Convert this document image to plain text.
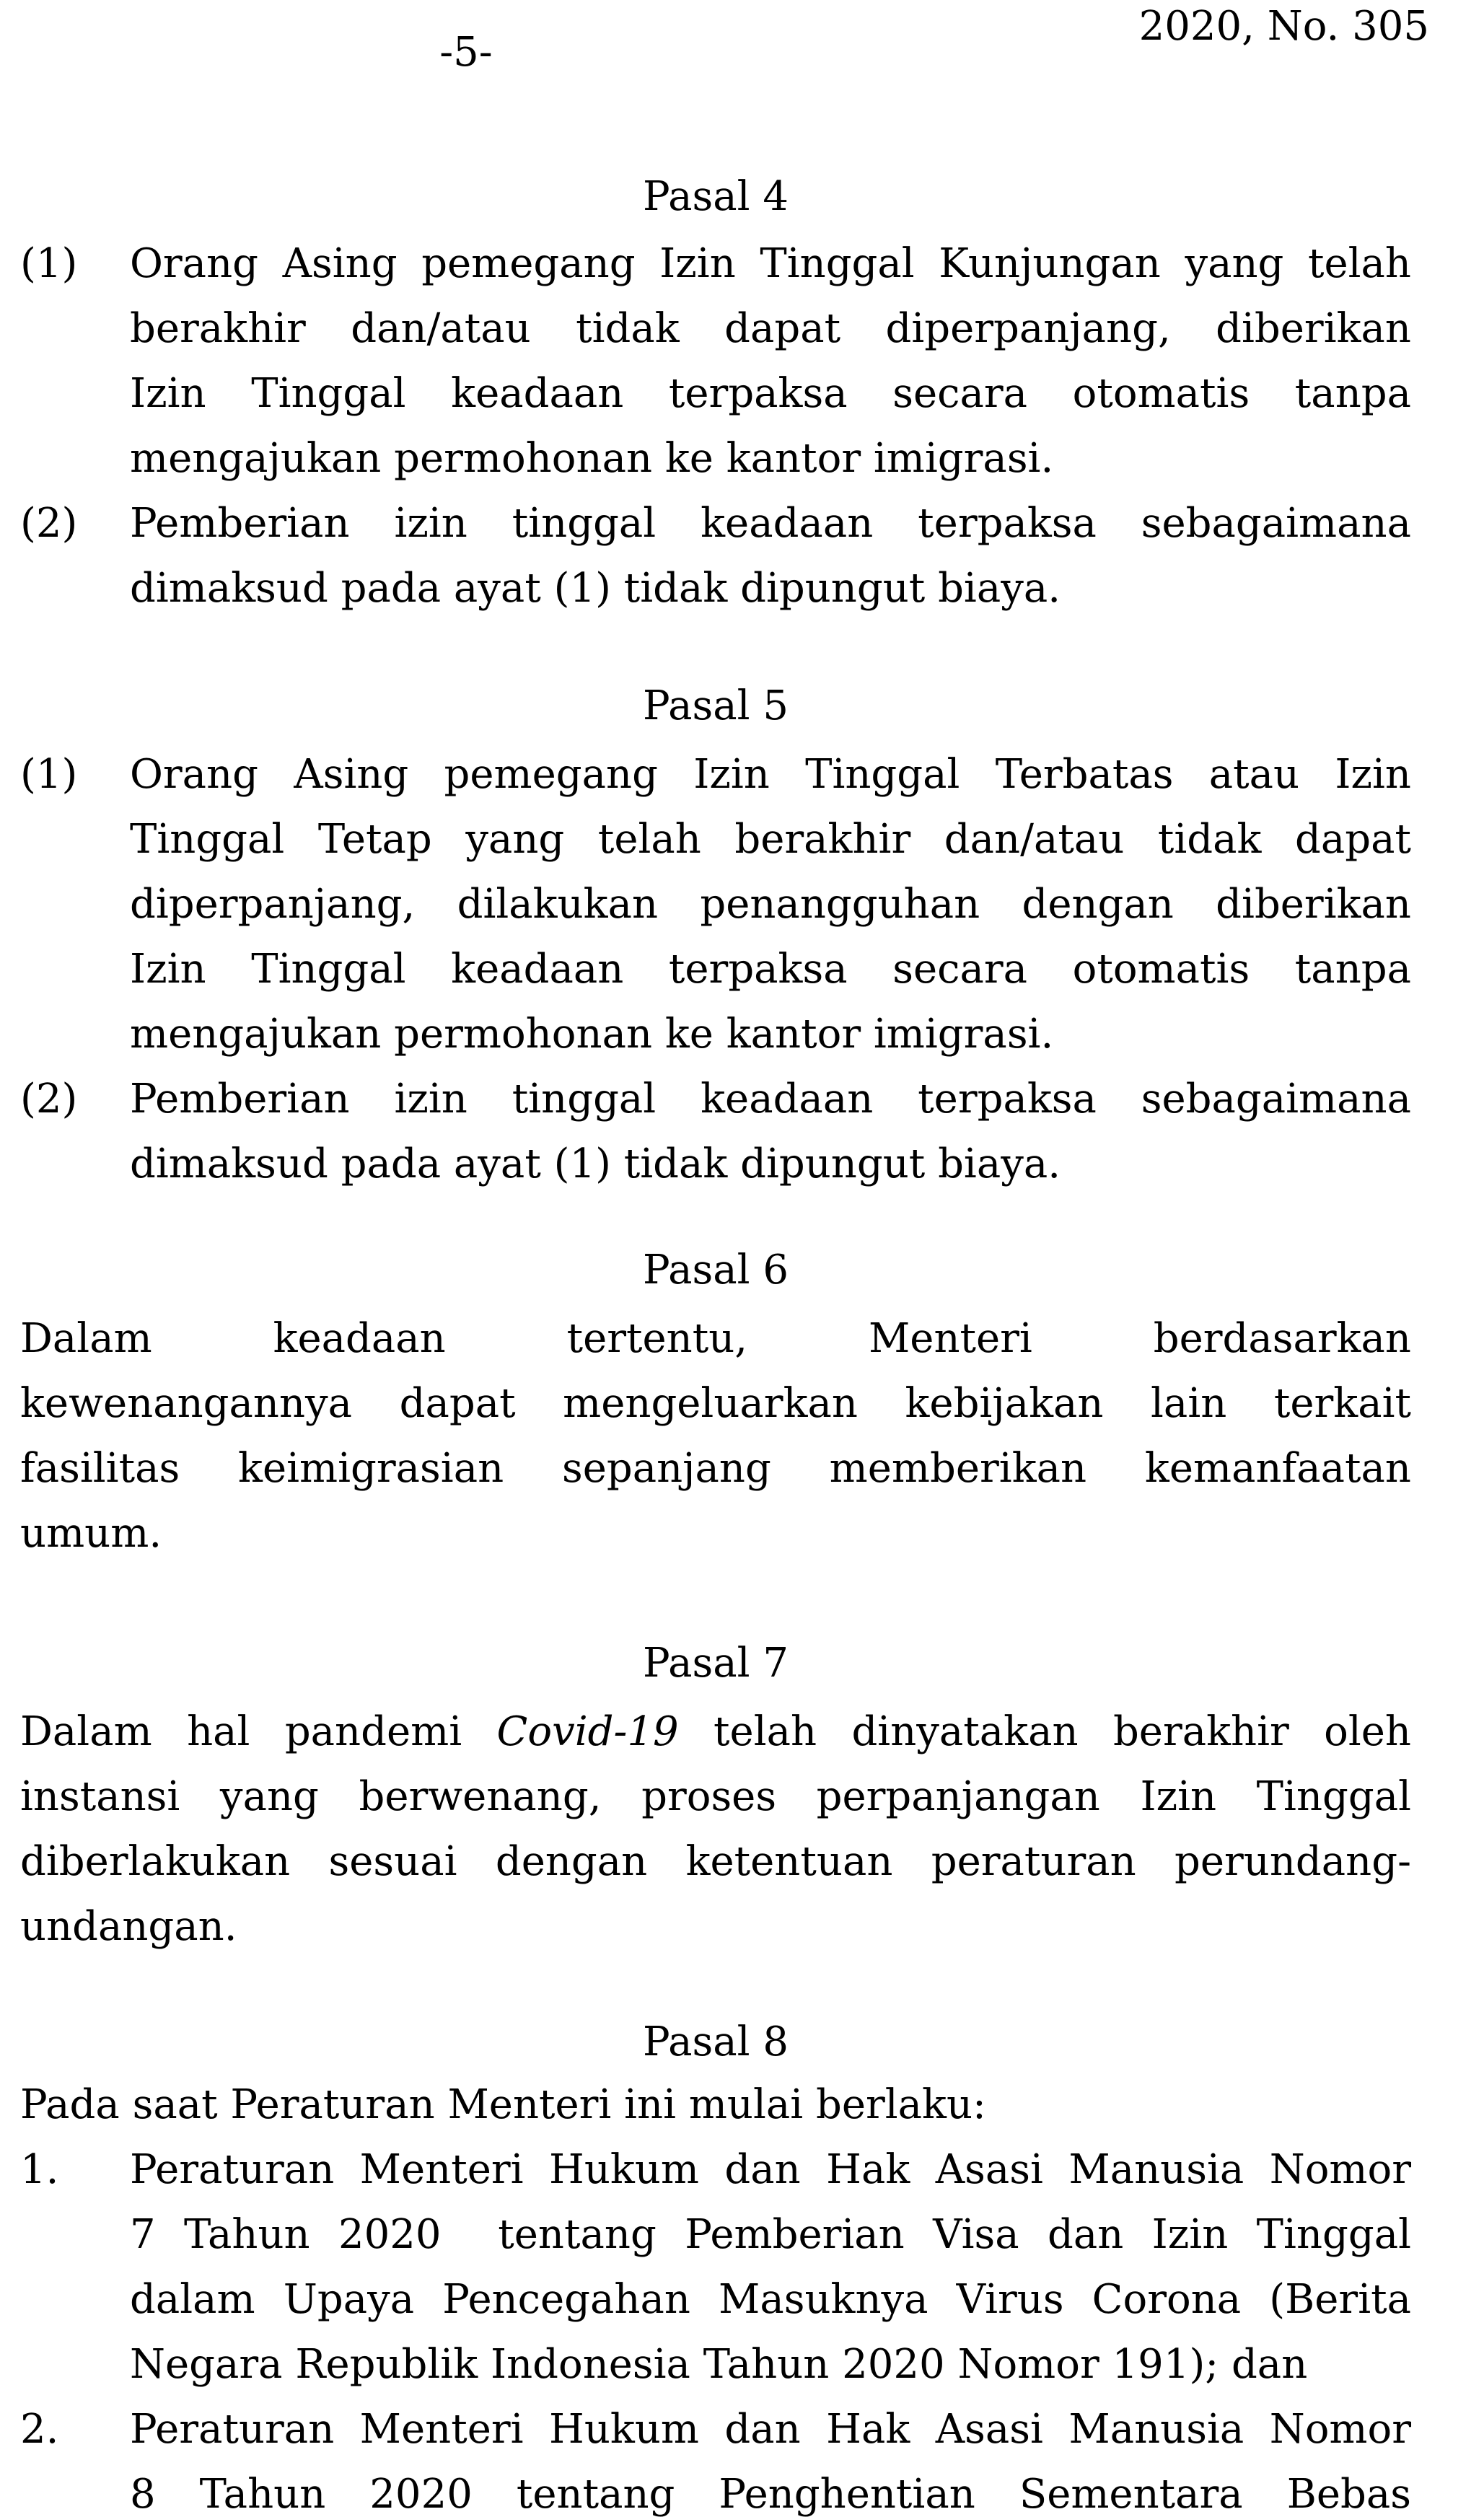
2020, No. 305
-5-
Pasal 4
(1) Orang Asing pemegang Izin Tinggal Kunjungan yang telah
berakhir dan/atau tidak dapat diperpanjang, diberikan
Izin Tinggal keadaan terpaksa secara otomatis tanpa
mengajukan permohonan ke kantor imigrasi.
(2) Pemberian izin tinggal keadaan terpaksa sebagaimana
dimaksud pada ayat (1) tidak dipungut biaya.
Pasal 5
(1) Orang Asing pemegang Izin Tinggal Terbatas atau Izin
Tinggal Tetap yang telah berakhir dan/atau tidak dapat
diperpanjang, dilakukan penangguhan dengan diberikan
Izin Tinggal keadaan terpaksa secara otomatis tanpa
mengajukan permohonan ke kantor imigrasi.
(2) Pemberian izin tinggal keadaan terpaksa sebagaimana
dimaksud pada ayat (1) tidak dipungut biaya.
Pasal 6
Dalam keadaan tertentu, Menteri berdasarkan
kewenangannya dapat mengeluarkan kebijakan lain terkait
fasilitas keimigrasian sepanjang memberikan kemanfaatan
umum.
Pasal 7
Dalam hal pandemi Covid-19 telah dinyatakan berakhir oleh
instansi yang berwenang, proses perpanjangan Izin Tinggal
diberlakukan sesuai dengan ketentuan peraturan perundang-
undangan.
Pasal 8
Pada saat Peraturan Menteri ini mulai berlaku:
1. Peraturan Menteri Hukum dan Hak Asasi Manusia Nomor
7 Tahun 2020  tentang Pemberian Visa dan Izin Tinggal
dalam Upaya Pencegahan Masuknya Virus Corona (Berita
Negara Republik Indonesia Tahun 2020 Nomor 191); dan
2. Peraturan Menteri Hukum dan Hak Asasi Manusia Nomor
8 Tahun 2020 tentang Penghentian Sementara Bebas
